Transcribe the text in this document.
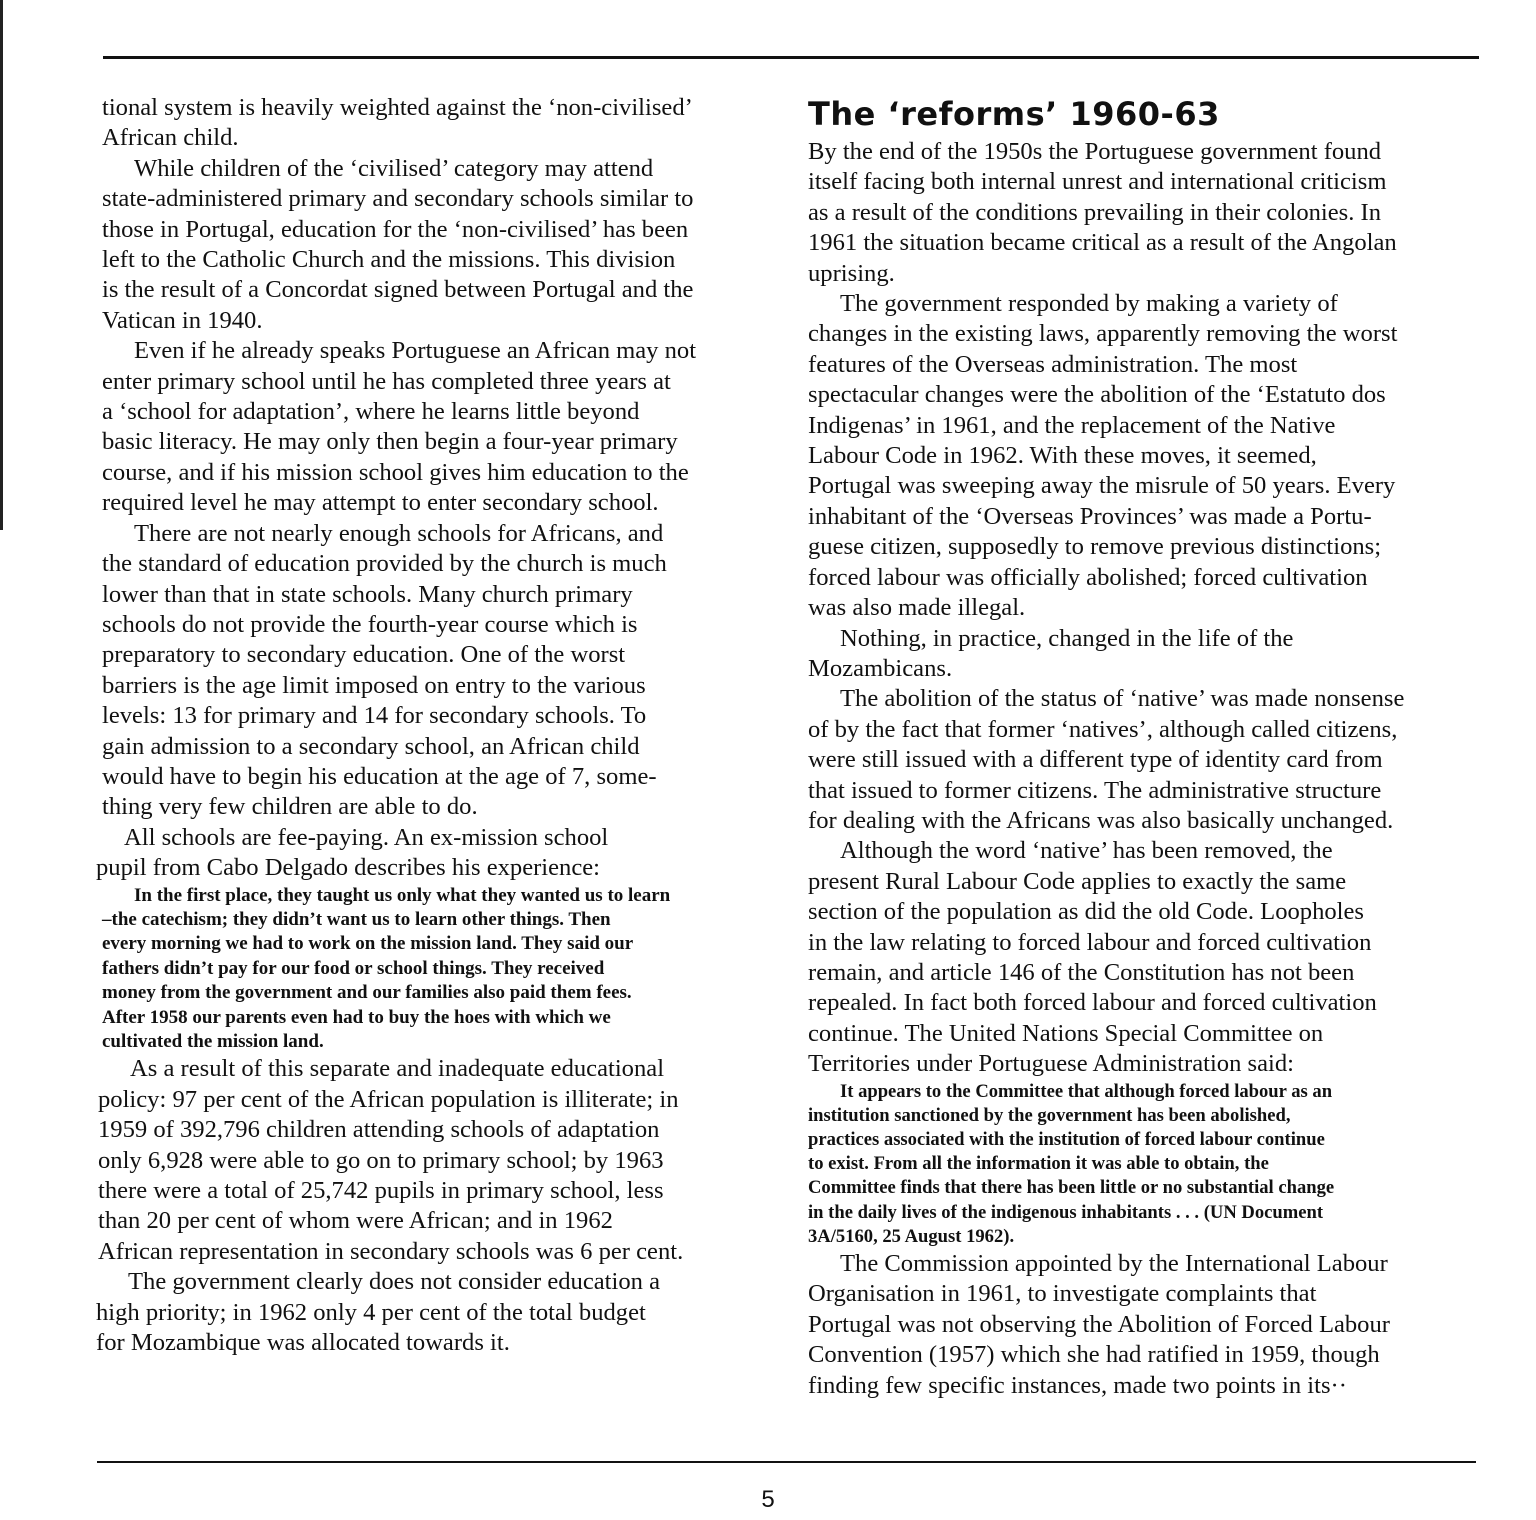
tional system is heavily weighted against the ‘non-civilised’
African child.

While children of the ‘civilised’ category may attend
state-administered primary and secondary schools similar to
those in Portugal, education for the ‘non-civilised’ has been
left to the Catholic Church and the missions. This division
is the result of a Concordat signed between Portugal and the
Vatican in 1940.

Even if he already speaks Portuguese an African may not
enter primary school until he has completed three years at
a ‘school for adaptation’, where he learns little beyond
basic literacy. He may only then begin a four-year primary
course, and if his mission school gives him education to the
required level he may attempt to enter secondary school.

There are not nearly enough schools for Africans, and
the standard of education provided by the church is much
lower than that in state schools. Many church primary
schools do not provide the fourth-year course which is
preparatory to secondary education. One of the worst
barriers is the age limit imposed on entry to the various
levels: 13 for primary and 14 for secondary schools. To
gain admission to a secondary school, an African child
would have to begin his education at the age of 7, some-
thing very few children are able to do.

All schools are fee-paying. An ex-mission school
pupil from Cabo Delgado describes his experience:

In the first place, they taught us only what they wanted us to learn
–the catechism; they didn’t want us to learn other things. Then
every morning we had to work on the mission land. They said our
fathers didn’t pay for our food or school things. They received
money from the government and our families also paid them fees.
After 1958 our parents even had to buy the hoes with which we
cultivated the mission land.

As a result of this separate and inadequate educational
policy: 97 per cent of the African population is illiterate; in
1959 of 392,796 children attending schools of adaptation
only 6,928 were able to go on to primary school; by 1963
there were a total of 25,742 pupils in primary school, less
than 20 per cent of whom were African; and in 1962
African representation in secondary schools was 6 per cent.

The government clearly does not consider education a
high priority; in 1962 only 4 per cent of the total budget
for Mozambique was allocated towards it.

The ‘reforms’ 1960-63

By the end of the 1950s the Portuguese government found
itself facing both internal unrest and international criticism
as a result of the conditions prevailing in their colonies. In
1961 the situation became critical as a result of the Angolan
uprising.

The government responded by making a variety of
changes in the existing laws, apparently removing the worst
features of the Overseas administration. The most
spectacular changes were the abolition of the ‘Estatuto dos
Indigenas’ in 1961, and the replacement of the Native
Labour Code in 1962. With these moves, it seemed,
Portugal was sweeping away the misrule of 50 years. Every
inhabitant of the ‘Overseas Provinces’ was made a Portu-
guese citizen, supposedly to remove previous distinctions;
forced labour was officially abolished; forced cultivation
was also made illegal.

Nothing, in practice, changed in the life of the
Mozambicans.

The abolition of the status of ‘native’ was made nonsense
of by the fact that former ‘natives’, although called citizens,
were still issued with a different type of identity card from
that issued to former citizens. The administrative structure
for dealing with the Africans was also basically unchanged.

Although the word ‘native’ has been removed, the
present Rural Labour Code applies to exactly the same
section of the population as did the old Code. Loopholes
in the law relating to forced labour and forced cultivation
remain, and article 146 of the Constitution has not been
repealed. In fact both forced labour and forced cultivation
continue. The United Nations Special Committee on
Territories under Portuguese Administration said:

It appears to the Committee that although forced labour as an
institution sanctioned by the government has been abolished,
practices associated with the institution of forced labour continue
to exist. From all the information it was able to obtain, the
Committee finds that there has been little or no substantial change
in the daily lives of the indigenous inhabitants . . . (UN Document
3A/5160, 25 August 1962).

The Commission appointed by the International Labour
Organisation in 1961, to investigate complaints that
Portugal was not observing the Abolition of Forced Labour
Convention (1957) which she had ratified in 1959, though
finding few specific instances, made two points in its··

5
